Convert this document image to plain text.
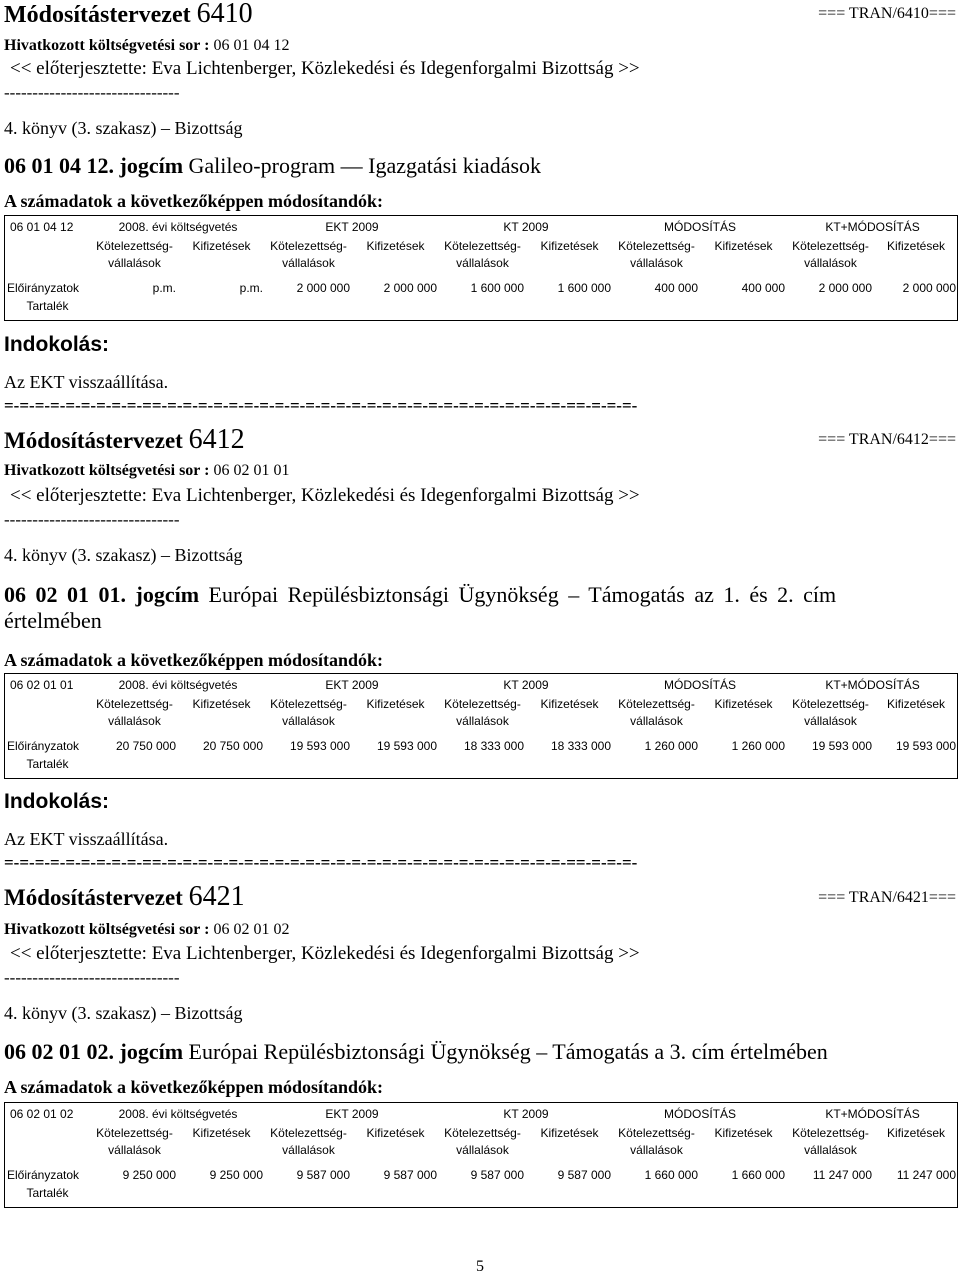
Módosítástervezet 6410	=== TRAN/6410===
Hivatkozott költségvetési sor : 06 01 04 12
<< előterjesztette: Eva Lichtenberger, Közlekedési és Idegenforgalmi Bizottság >>
-------------------------------
4. könyv (3. szakasz) – Bizottság
06 01 04 12. jogcím Galileo-program — Igazgatási kiadások
A számadatok a következőképpen módosítandók:
06 01 04 12	2008. évi költségvetés		EKT 2009		KT 2009		MÓDOSÍTÁS		KT+MÓDOSÍTÁS	
	Kötelezettség-vállalások	Kifizetések	Kötelezettség-vállalások	Kifizetések	Kötelezettség-vállalások	Kifizetések	Kötelezettség-vállalások	Kifizetések	Kötelezettség-vállalások	Kifizetések
Előirányzatok	p.m.	p.m.	2 000 000	2 000 000	1 600 000	1 600 000	400 000	400 000	2 000 000	2 000 000
Tartalék										
Indokolás:
Az EKT visszaállítása.
=-=-=-=-=-=-=-=-=-==-=-=-=-=-=-=-=-=-=-=-=-=-=-=-=-=-=-=-=-=-=-=-=-=-=-=-==-=-=-=-
Módosítástervezet 6412	=== TRAN/6412===
Hivatkozott költségvetési sor : 06 02 01 01
<< előterjesztette: Eva Lichtenberger, Közlekedési és Idegenforgalmi Bizottság >>
-------------------------------
4. könyv (3. szakasz) – Bizottság
06 02 01 01. jogcím Európai Repülésbiztonsági Ügynökség – Támogatás az 1. és 2. cím
értelmében
A számadatok a következőképpen módosítandók:
06 02 01 01	2008. évi költségvetés		EKT 2009		KT 2009		MÓDOSÍTÁS		KT+MÓDOSÍTÁS	
	Kötelezettség-vállalások	Kifizetések	Kötelezettség-vállalások	Kifizetések	Kötelezettség-vállalások	Kifizetések	Kötelezettség-vállalások	Kifizetések	Kötelezettség-vállalások	Kifizetések
Előirányzatok	20 750 000	20 750 000	19 593 000	19 593 000	18 333 000	18 333 000	1 260 000	1 260 000	19 593 000	19 593 000
Tartalék										
Indokolás:
Az EKT visszaállítása.
=-=-=-=-=-=-=-=-=-==-=-=-=-=-=-=-=-=-=-=-=-=-=-=-=-=-=-=-=-=-=-=-=-=-=-=-==-=-=-=-
Módosítástervezet 6421	=== TRAN/6421===
Hivatkozott költségvetési sor : 06 02 01 02
<< előterjesztette: Eva Lichtenberger, Közlekedési és Idegenforgalmi Bizottság >>
-------------------------------
4. könyv (3. szakasz) – Bizottság
06 02 01 02. jogcím Európai Repülésbiztonsági Ügynökség – Támogatás a 3. cím értelmében
A számadatok a következőképpen módosítandók:
06 02 01 02	2008. évi költségvetés		EKT 2009		KT 2009		MÓDOSÍTÁS		KT+MÓDOSÍTÁS	
	Kötelezettség-vállalások	Kifizetések	Kötelezettség-vállalások	Kifizetések	Kötelezettség-vállalások	Kifizetések	Kötelezettség-vállalások	Kifizetések	Kötelezettség-vállalások	Kifizetések
Előirányzatok	9 250 000	9 250 000	9 587 000	9 587 000	9 587 000	9 587 000	1 660 000	1 660 000	11 247 000	11 247 000
Tartalék										
5
